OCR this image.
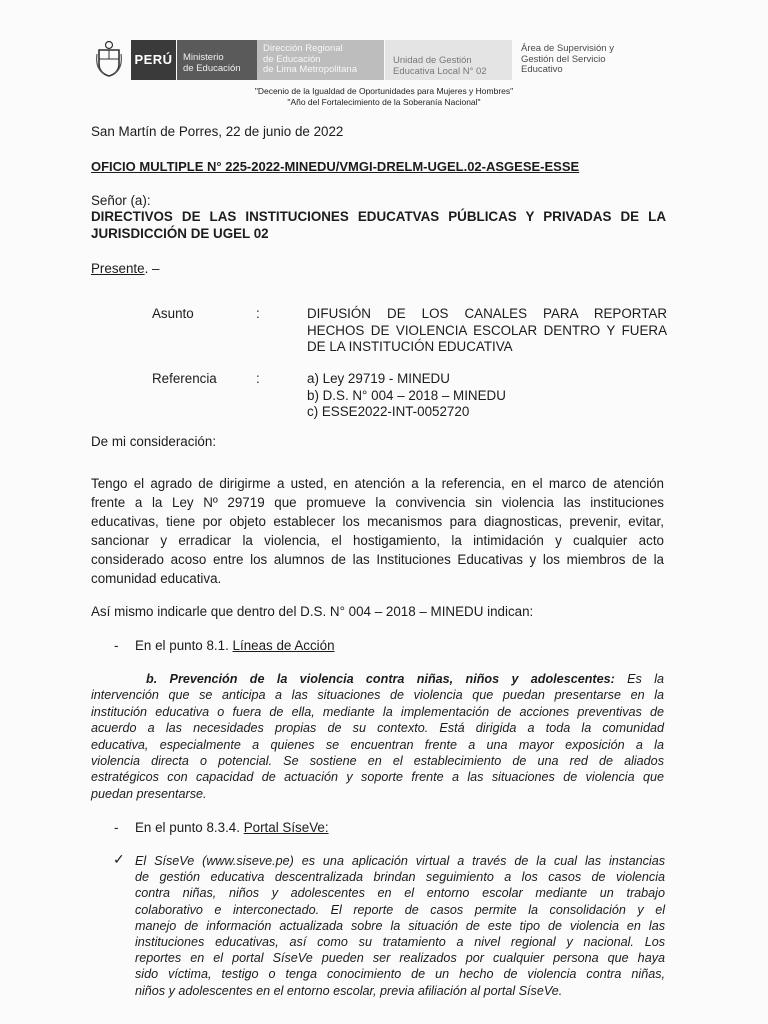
PERÚ	Ministerio
de Educación
Dirección Regional
de Educación
de Lima Metropolitana
Unidad de Gestión
Educativa Local N° 02
Área de Supervisión y
Gestión del Servicio
Educativo
"Decenio de la Igualdad de Oportunidades para Mujeres y Hombres"
"Año del Fortalecimiento de la Soberanía Nacional"
San Martín de Porres, 22 de junio de 2022
OFICIO MULTIPLE N° 225-2022-MINEDU/VMGI-DRELM-UGEL.02-ASGESE-ESSE
Señor (a):
DIRECTIVOS DE LAS INSTITUCIONES EDUCATVAS PÚBLICAS Y PRIVADAS DE LA
JURISDICCIÓN DE UGEL 02
Presente. –
Asunto	:	DIFUSIÓN DE LOS CANALES PARA REPORTAR
HECHOS DE VIOLENCIA ESCOLAR DENTRO Y FUERA
DE LA INSTITUCIÓN EDUCATIVA
Referencia	:	a) Ley 29719 - MINEDU
b) D.S. N° 004 – 2018 – MINEDU
c) ESSE2022-INT-0052720
De mi consideración:
Tengo el agrado de dirigirme a usted, en atención a la referencia, en el marco de atención
frente a la Ley Nº 29719 que promueve la convivencia sin violencia las instituciones
educativas, tiene por objeto establecer los mecanismos para diagnosticas, prevenir, evitar,
sancionar y erradicar la violencia, el hostigamiento, la intimidación y cualquier acto
considerado acoso entre los alumnos de las Instituciones Educativas y los miembros de la
comunidad educativa.
Así mismo indicarle que dentro del D.S. N° 004 – 2018 – MINEDU indican:
- En el punto 8.1. Líneas de Acción
b. Prevención de la violencia contra niñas, niños y adolescentes: Es la
intervención que se anticipa a las situaciones de violencia que puedan presentarse en la
institución educativa o fuera de ella, mediante la implementación de acciones preventivas de
acuerdo a las necesidades propias de su contexto. Está dirigida a toda la comunidad
educativa, especialmente a quienes se encuentran frente a una mayor exposición a la
violencia directa o potencial. Se sostiene en el establecimiento de una red de aliados
estratégicos con capacidad de actuación y soporte frente a las situaciones de violencia que
puedan presentarse.
- En el punto 8.3.4. Portal SíseVe:
✓ El SíseVe (www.siseve.pe) es una aplicación virtual a través de la cual las instancias
de gestión educativa descentralizada brindan seguimiento a los casos de violencia
contra niñas, niños y adolescentes en el entorno escolar mediante un trabajo
colaborativo e interconectado. El reporte de casos permite la consolidación y el
manejo de información actualizada sobre la situación de este tipo de violencia en las
instituciones educativas, así como su tratamiento a nivel regional y nacional. Los
reportes en el portal SíseVe pueden ser realizados por cualquier persona que haya
sido víctima, testigo o tenga conocimiento de un hecho de violencia contra niñas,
niños y adolescentes en el entorno escolar, previa afiliación al portal SíseVe.
